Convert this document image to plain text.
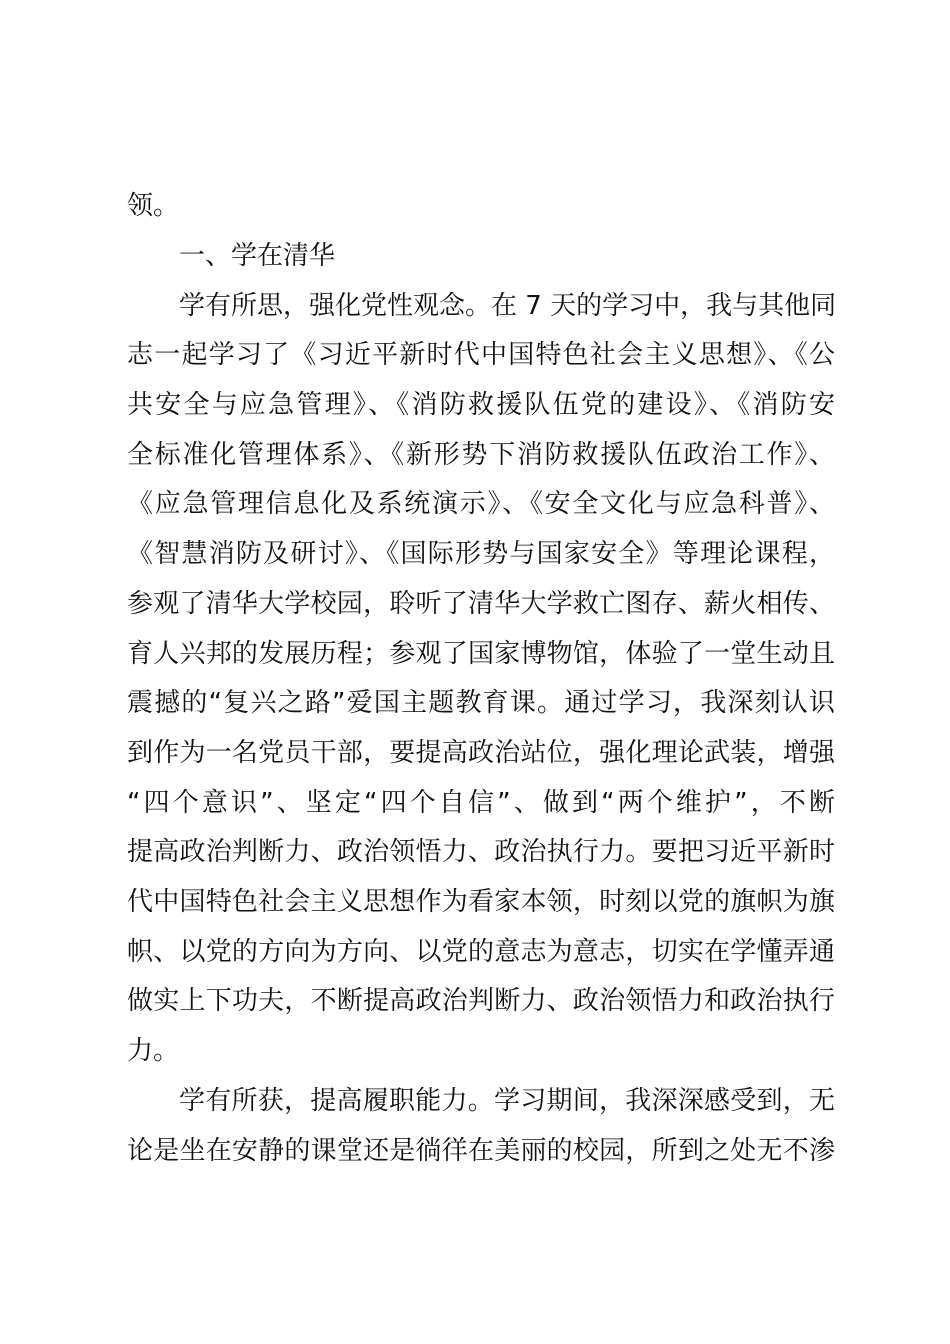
领。
一、学在清华
学有所思，强化党性观念。在 7 天的学习中，我与其他同
志一起学习了《习近平新时代中国特色社会主义思想》、《公
共安全与应急管理》、《消防救援队伍党的建设》、《消防安
全标准化管理体系》、《新形势下消防救援队伍政治工作》、
《应急管理信息化及系统演示》、《安全文化与应急科普》、
《智慧消防及研讨》、《国际形势与国家安全》等理论课程，
参观了清华大学校园，聆听了清华大学救亡图存、薪火相传、
育人兴邦的发展历程；参观了国家博物馆，体验了一堂生动且
震撼的“复兴之路”爱国主题教育课。通过学习，我深刻认识
到作为一名党员干部，要提高政治站位，强化理论武装，增强
“四个意识”、坚定“四个自信”、做到“两个维护”，不断
提高政治判断力、政治领悟力、政治执行力。要把习近平新时
代中国特色社会主义思想作为看家本领，时刻以党的旗帜为旗
帜、以党的方向为方向、以党的意志为意志，切实在学懂弄通
做实上下功夫，不断提高政治判断力、政治领悟力和政治执行
力。
学有所获，提高履职能力。学习期间，我深深感受到，无
论是坐在安静的课堂还是徜徉在美丽的校园，所到之处无不渗
